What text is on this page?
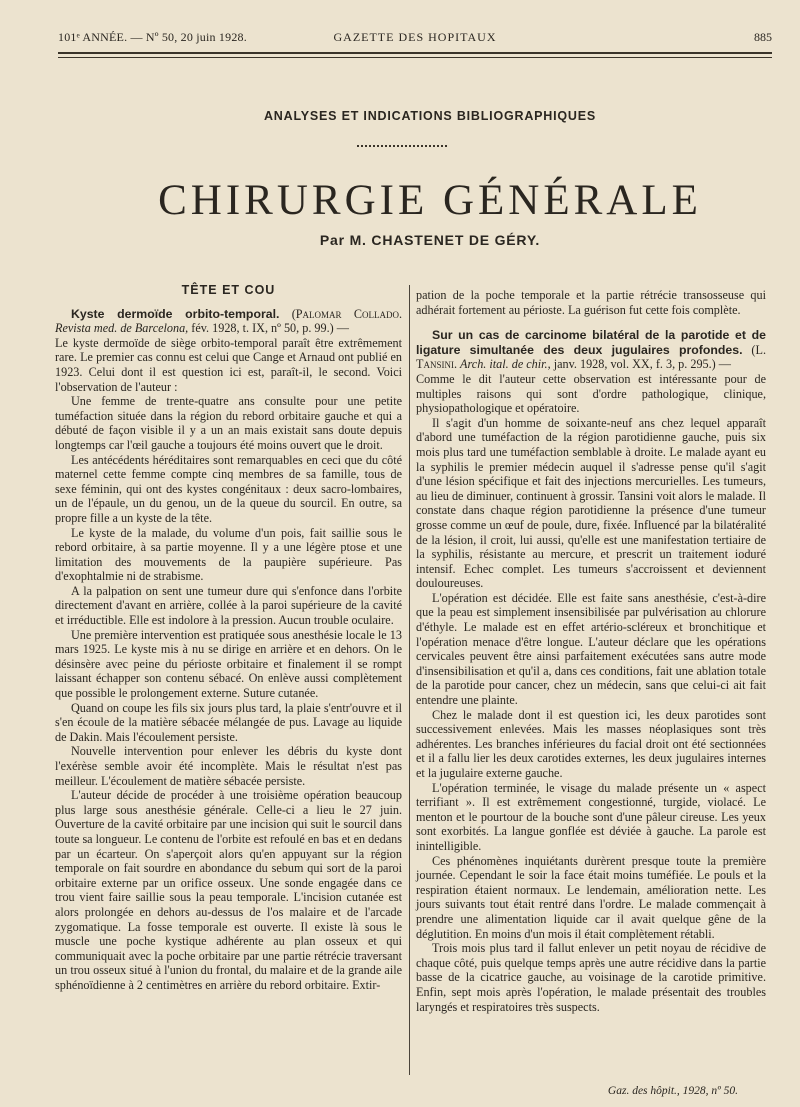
101ᵉ ANNÉE. — Nº 50, 20 juin 1928.	GAZETTE DES HOPITAUX	885
ANALYSES ET INDICATIONS BIBLIOGRAPHIQUES
CHIRURGIE GÉNÉRALE
Par M. CHASTENET DE GÉRY.
TÊTE ET COU

Kyste dermoïde orbito-temporal. (Palomar Collado. Revista med. de Barcelona, fév. 1928, t. IX, nº 50, p. 99.) —

Le kyste dermoïde de siège orbito-temporal paraît être extrêmement rare. Le premier cas connu est celui que Cange et Arnaud ont publié en 1923. Celui dont il est question ici est, paraît-il, le second. Voici l'observation de l'auteur :

Une femme de trente-quatre ans consulte pour une petite tuméfaction située dans la région du rebord orbitaire gauche et qui a débuté de façon visible il y a un an mais existait sans doute depuis longtemps car l'œil gauche a toujours été moins ouvert que le droit.

Les antécédents héréditaires sont remarquables en ceci que du côté maternel cette femme compte cinq membres de sa famille, tous de sexe féminin, qui ont des kystes congénitaux : deux sacro-lombaires, un de l'épaule, un du genou, un de la queue du sourcil. En outre, sa propre fille a un kyste de la tête.

Le kyste de la malade, du volume d'un pois, fait saillie sous le rebord orbitaire, à sa partie moyenne. Il y a une légère ptose et une limitation des mouvements de la paupière supérieure. Pas d'exophtalmie ni de strabisme.

A la palpation on sent une tumeur dure qui s'enfonce dans l'orbite directement d'avant en arrière, collée à la paroi supérieure de la cavité et irréductible. Elle est indolore à la pression. Aucun trouble oculaire.

Une première intervention est pratiquée sous anesthésie locale le 13 mars 1925. Le kyste mis à nu se dirige en arrière et en dehors. On le désinsère avec peine du périoste orbitaire et finalement il se rompt laissant échapper son contenu sébacé. On enlève aussi complètement que possible le prolongement externe. Suture cutanée.

Quand on coupe les fils six jours plus tard, la plaie s'entr'ouvre et il s'en écoule de la matière sébacée mélangée de pus. Lavage au liquide de Dakin. Mais l'écoulement persiste.

Nouvelle intervention pour enlever les débris du kyste dont l'exérèse semble avoir été incomplète. Mais le résultat n'est pas meilleur. L'écoulement de matière sébacée persiste.

L'auteur décide de procéder à une troisième opération beaucoup plus large sous anesthésie générale. Celle-ci a lieu le 27 juin. Ouverture de la cavité orbitaire par une incision qui suit le sourcil dans toute sa longueur. Le contenu de l'orbite est refoulé en bas et en dedans par un écarteur. On s'aperçoit alors qu'en appuyant sur la région temporale on fait sourdre en abondance du sebum qui sort de la paroi orbitaire externe par un orifice osseux. Une sonde engagée dans ce trou vient faire saillie sous la peau temporale. L'incision cutanée est alors prolongée en dehors au-dessus de l'os malaire et de l'arcade zygomatique. La fosse temporale est ouverte. Il existe là sous le muscle une poche kystique adhérente au plan osseux et qui communiquait avec la poche orbitaire par une partie rétrécie traversant un trou osseux situé à l'union du frontal, du malaire et de la grande aile sphénoïdienne à 2 centimètres en arrière du rebord orbitaire. Extir-

pation de la poche temporale et la partie rétrécie transosseuse qui adhérait fortement au périoste. La guérison fut cette fois complète.

Sur un cas de carcinome bilatéral de la parotide et de ligature simultanée des deux jugulaires profondes. (L. Tansini. Arch. ital. de chir., janv. 1928, vol. XX, f. 3, p. 295.) —

Comme le dit l'auteur cette observation est intéressante pour de multiples raisons qui sont d'ordre pathologique, clinique, physiopathologique et opératoire.

Il s'agit d'un homme de soixante-neuf ans chez lequel apparaît d'abord une tuméfaction de la région parotidienne gauche, puis six mois plus tard une tuméfaction semblable à droite. Le malade ayant eu la syphilis le premier médecin auquel il s'adresse pense qu'il s'agit d'une lésion spécifique et fait des injections mercurielles. Les tumeurs, au lieu de diminuer, continuent à grossir. Tansini voit alors le malade. Il constate dans chaque région parotidienne la présence d'une tumeur grosse comme un œuf de poule, dure, fixée. Influencé par la bilatéralité de la lésion, il croit, lui aussi, qu'elle est une manifestation tertiaire de la syphilis, résistante au mercure, et prescrit un traitement ioduré intensif. Echec complet. Les tumeurs s'accroissent et deviennent douloureuses.

L'opération est décidée. Elle est faite sans anesthésie, c'est-à-dire que la peau est simplement insensibilisée par pulvérisation au chlorure d'éthyle. Le malade est en effet artério-scléreux et bronchitique et l'opération menace d'être longue. L'auteur déclare que les opérations cervicales peuvent être ainsi parfaitement exécutées sans autre mode d'insensibilisation et qu'il a, dans ces conditions, fait une ablation totale de la parotide pour cancer, chez un médecin, sans que celui-ci ait fait entendre une plainte.

Chez le malade dont il est question ici, les deux parotides sont successivement enlevées. Mais les masses néoplasiques sont très adhérentes. Les branches inférieures du facial droit ont été sectionnées et il a fallu lier les deux carotides externes, les deux jugulaires internes et la jugulaire externe gauche.

L'opération terminée, le visage du malade présente un « aspect terrifiant ». Il est extrêmement congestionné, turgide, violacé. Le menton et le pourtour de la bouche sont d'une pâleur cireuse. Les yeux sont exorbités. La langue gonflée est déviée à gauche. La parole est inintelligible.

Ces phénomènes inquiétants durèrent presque toute la première journée. Cependant le soir la face était moins tuméfiée. Le pouls et la respiration étaient normaux. Le lendemain, amélioration nette. Les jours suivants tout était rentré dans l'ordre. Le malade commençait à prendre une alimentation liquide car il avait quelque gêne de la déglutition. En moins d'un mois il était complètement rétabli.

Trois mois plus tard il fallut enlever un petit noyau de récidive de chaque côté, puis quelque temps après une autre récidive dans la partie basse de la cicatrice gauche, au voisinage de la carotide primitive. Enfin, sept mois après l'opération, le malade présentait des troubles laryngés et respiratoires très suspects.

Gaz. des hôpit., 1928, nº 50.
